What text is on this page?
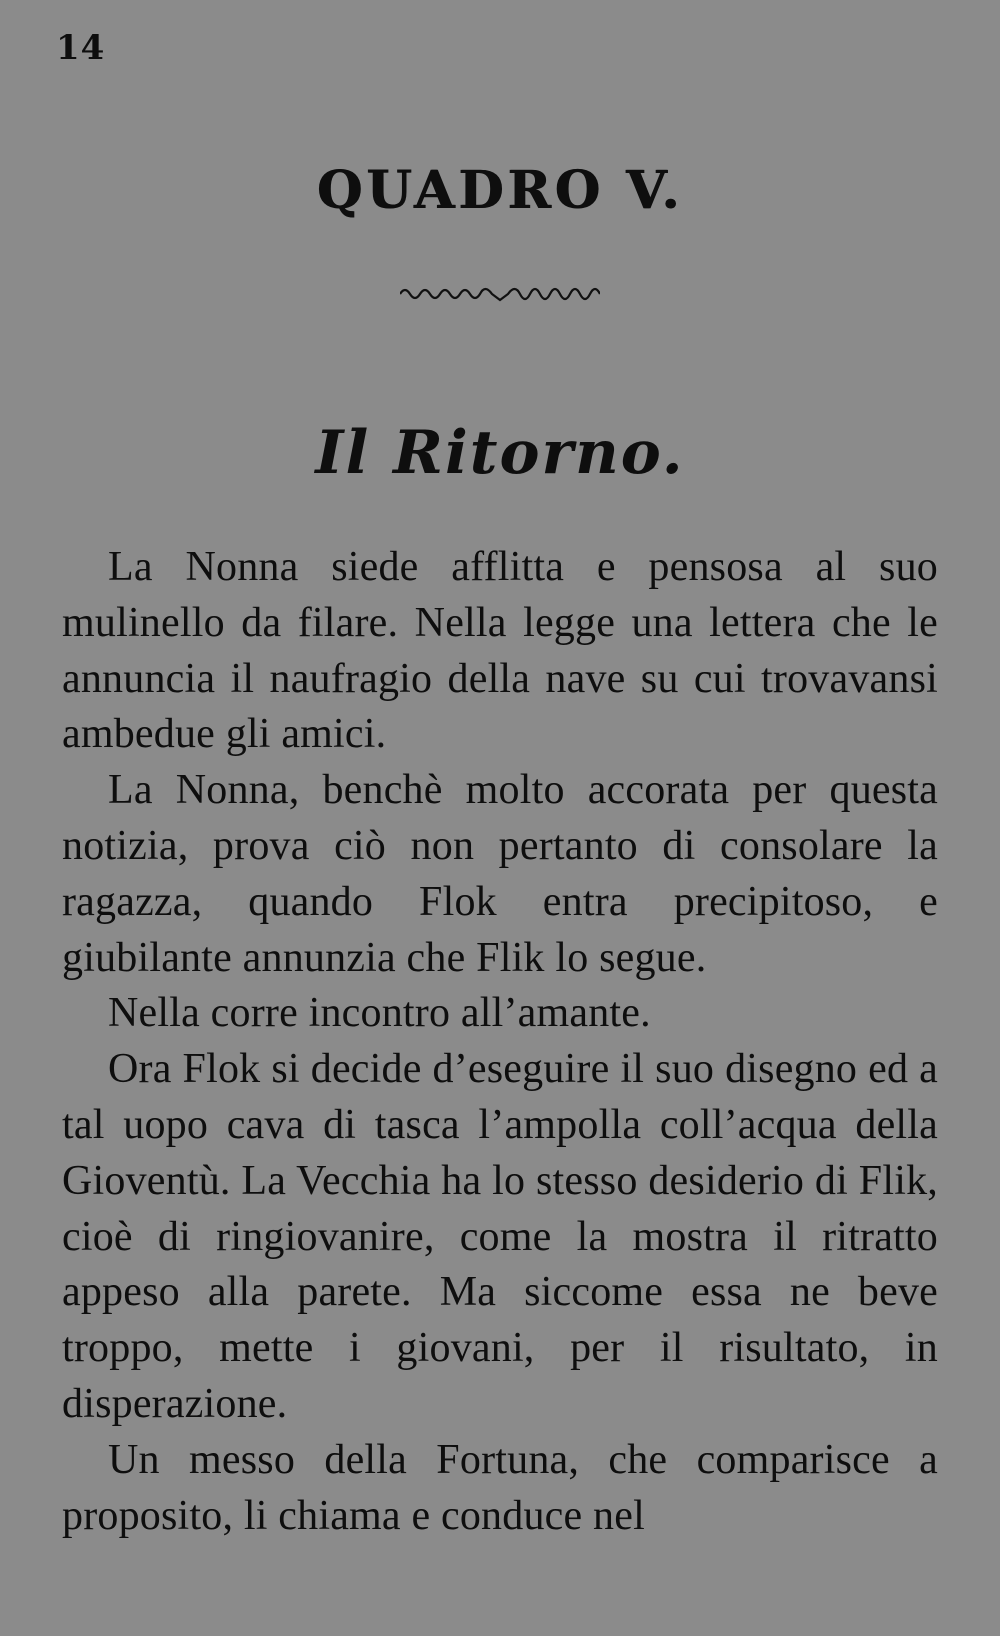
14
QUADRO V.
Il Ritorno.

La Nonna siede afflitta e pensosa al suo mulinello da filare. Nella legge una lettera che le annuncia il naufragio della nave su cui trovavansi ambedue gli amici.

La Nonna, benchè molto accorata per questa notizia, prova ciò non pertanto di consolare la ragazza, quando Flok entra precipitoso, e giubilante annunzia che Flik lo segue.

Nella corre incontro all’amante.

Ora Flok si decide d’eseguire il suo disegno ed a tal uopo cava di tasca l’ampolla coll’acqua della Gioventù. La Vecchia ha lo stesso desiderio di Flik, cioè di ringiovanire, come la mostra il ritratto appeso alla parete. Ma siccome essa ne beve troppo, mette i giovani, per il risultato, in disperazione.

Un messo della Fortuna, che comparisce a proposito, li chiama e conduce nel
